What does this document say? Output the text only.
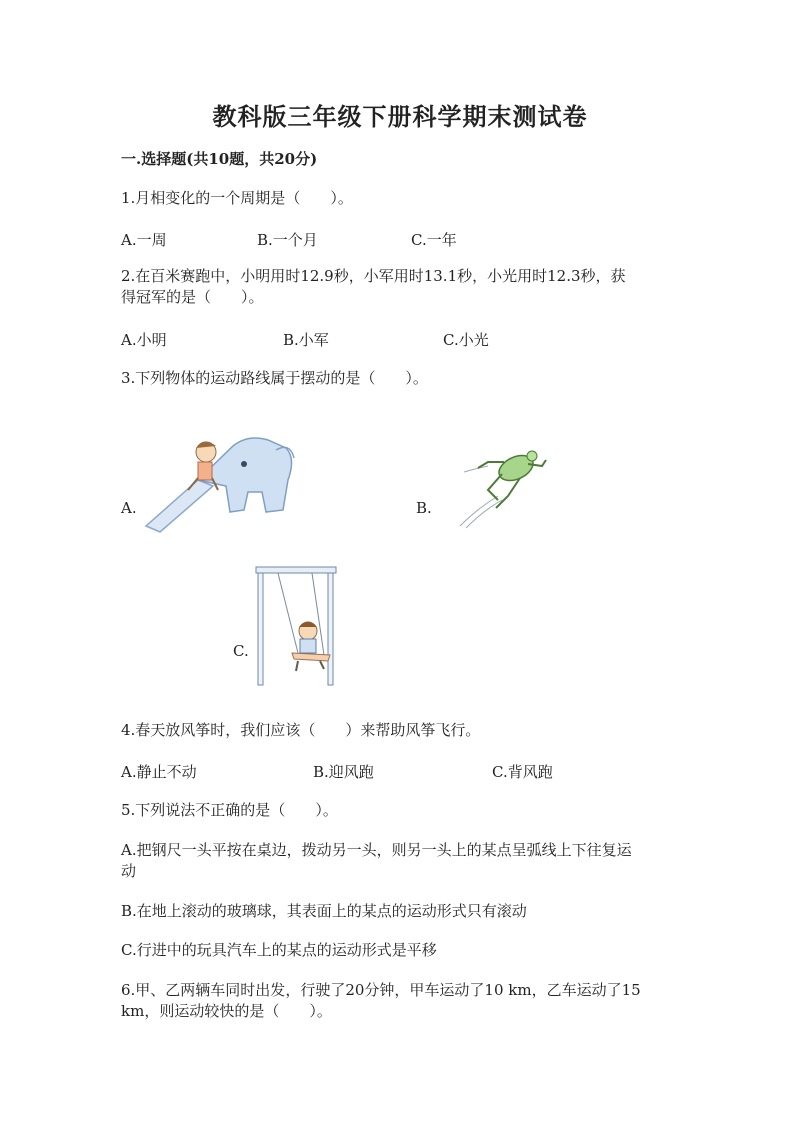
教科版三年级下册科学期末测试卷
一.选择题(共10题，共20分)
1.月相变化的一个周期是（　　）。
A.一周	B.一个月	C.一年
2.在百米赛跑中，小明用时12.9秒，小军用时13.1秒，小光用时12.3秒，获
得冠军的是（　　）。
A.小明	B.小军	C.小光
3.下列物体的运动路线属于摆动的是（　　）。
A.	B.
C.
4.春天放风筝时，我们应该（　　）来帮助风筝飞行。
A.静止不动	B.迎风跑	C.背风跑
5.下列说法不正确的是（　　）。
A.把钢尺一头平按在桌边，拨动另一头，则另一头上的某点呈弧线上下往复运
动
B.在地上滚动的玻璃球，其表面上的某点的运动形式只有滚动
C.行进中的玩具汽车上的某点的运动形式是平移
6.甲、乙两辆车同时出发，行驶了20分钟，甲车运动了10 km，乙车运动了15
km，则运动较快的是（　　）。
